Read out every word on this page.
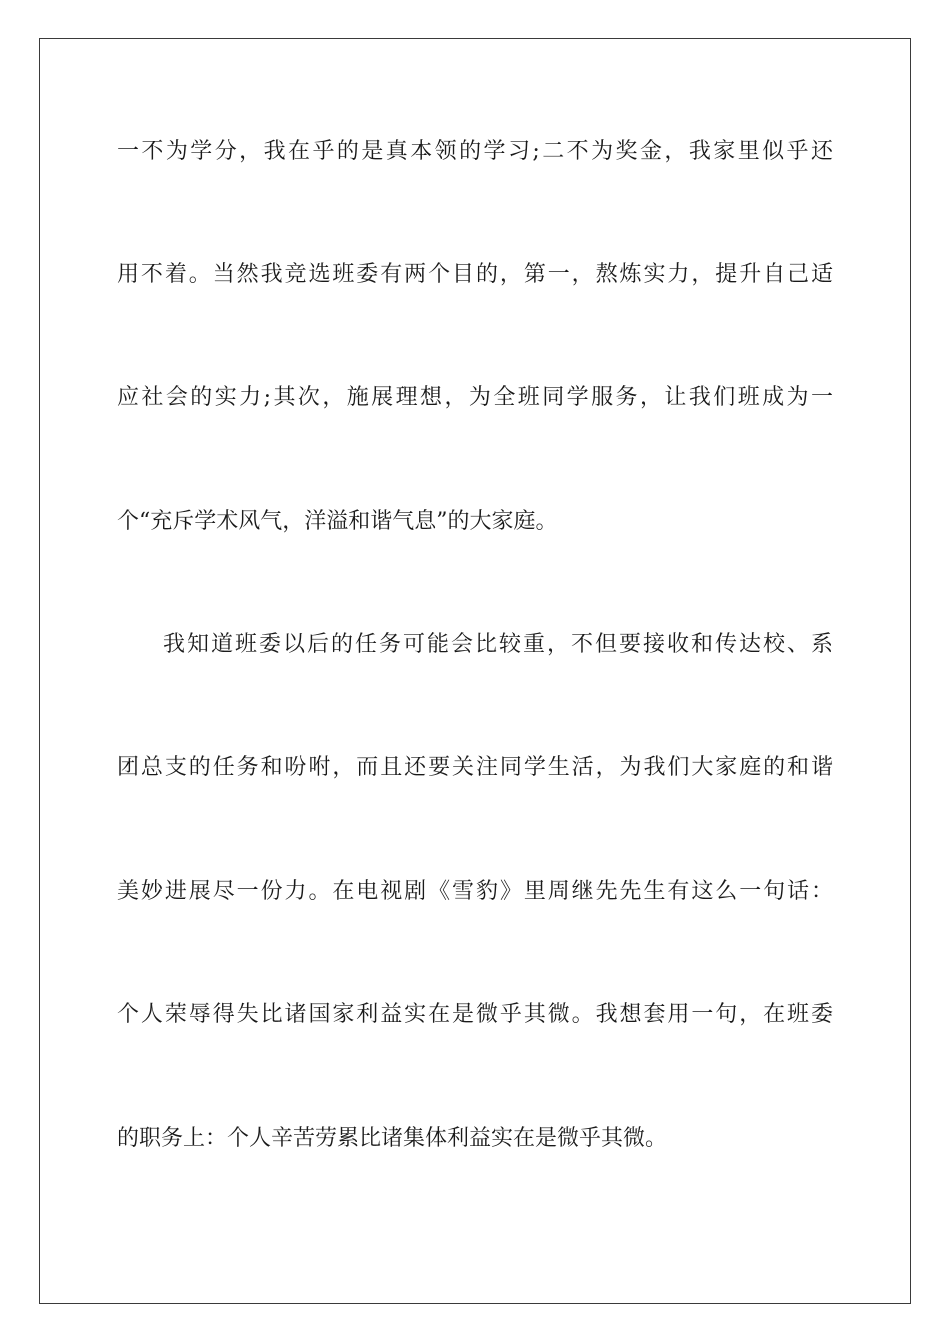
一不为学分，我在乎的是真本领的学习;二不为奖金，我家里似乎还

用不着。当然我竞选班委有两个目的，第一，熬炼实力，提升自己适

应社会的实力;其次，施展理想，为全班同学服务，让我们班成为一

个“充斥学术风气，洋溢和谐气息”的大家庭。

我知道班委以后的任务可能会比较重，不但要接收和传达校、系

团总支的任务和吩咐，而且还要关注同学生活，为我们大家庭的和谐

美妙进展尽一份力。在电视剧《雪豹》里周继先先生有这么一句话：

个人荣辱得失比诸国家利益实在是微乎其微。我想套用一句，在班委

的职务上：个人辛苦劳累比诸集体利益实在是微乎其微。
